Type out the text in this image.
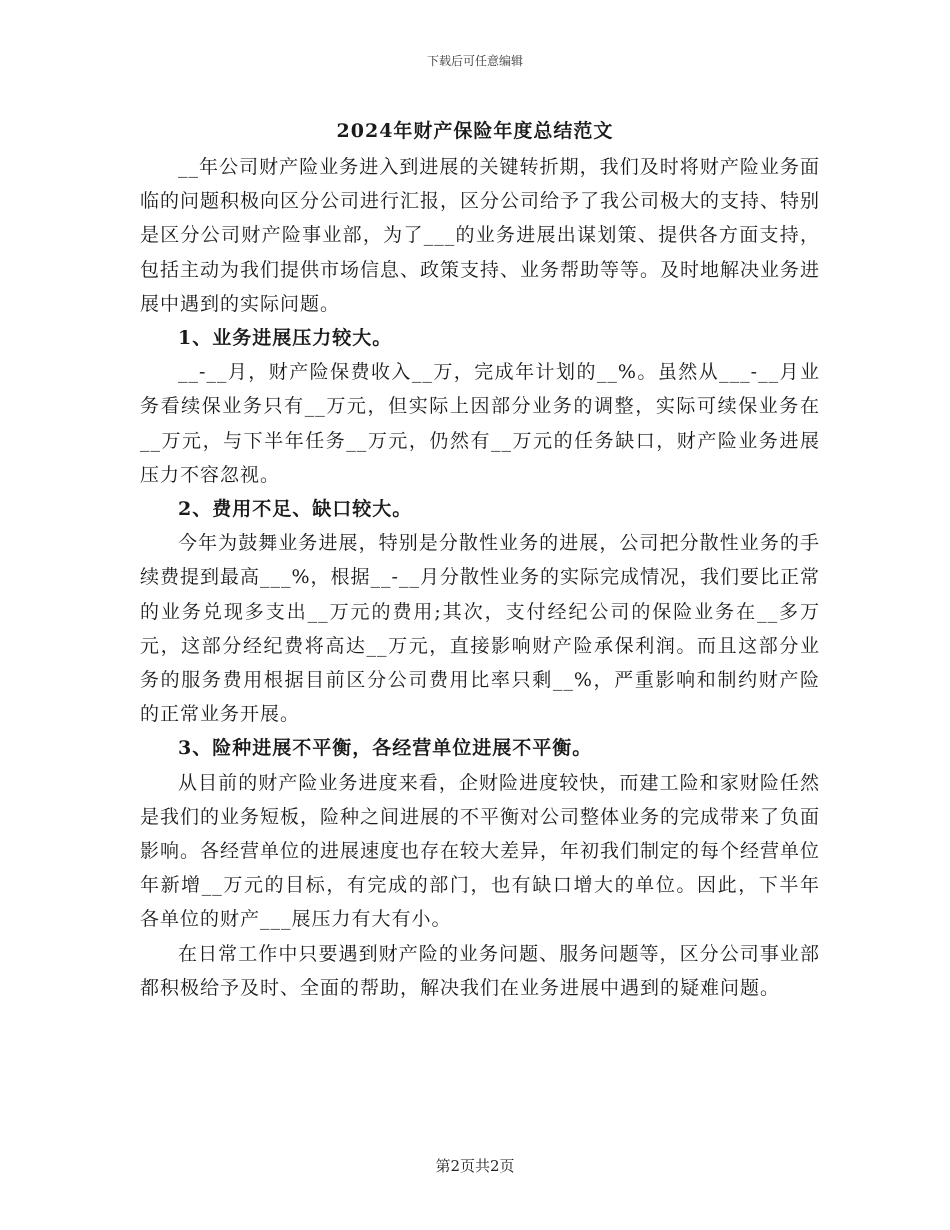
下载后可任意编辑
2024年财产保险年度总结范文

__年公司财产险业务进入到进展的关键转折期，我们及时将财产险业务面临的问题积极向区分公司进行汇报，区分公司给予了我公司极大的支持、特别是区分公司财产险事业部，为了___的业务进展出谋划策、提供各方面支持，包括主动为我们提供市场信息、政策支持、业务帮助等等。及时地解决业务进展中遇到的实际问题。

1、业务进展压力较大。

__-__月，财产险保费收入__万，完成年计划的__%。虽然从___-__月业务看续保业务只有__万元，但实际上因部分业务的调整，实际可续保业务在__万元，与下半年任务__万元，仍然有__万元的任务缺口，财产险业务进展压力不容忽视。

2、费用不足、缺口较大。

今年为鼓舞业务进展，特别是分散性业务的进展，公司把分散性业务的手续费提到最高___%，根据__-__月分散性业务的实际完成情况，我们要比正常的业务兑现多支出__万元的费用;其次，支付经纪公司的保险业务在__多万元，这部分经纪费将高达__万元，直接影响财产险承保利润。而且这部分业务的服务费用根据目前区分公司费用比率只剩__%，严重影响和制约财产险的正常业务开展。

3、险种进展不平衡，各经营单位进展不平衡。

从目前的财产险业务进度来看，企财险进度较快，而建工险和家财险任然是我们的业务短板，险种之间进展的不平衡对公司整体业务的完成带来了负面影响。各经营单位的进展速度也存在较大差异，年初我们制定的每个经营单位年新增__万元的目标，有完成的部门，也有缺口增大的单位。因此，下半年各单位的财产___展压力有大有小。

在日常工作中只要遇到财产险的业务问题、服务问题等，区分公司事业部都积极给予及时、全面的帮助，解决我们在业务进展中遇到的疑难问题。

第2页共2页
